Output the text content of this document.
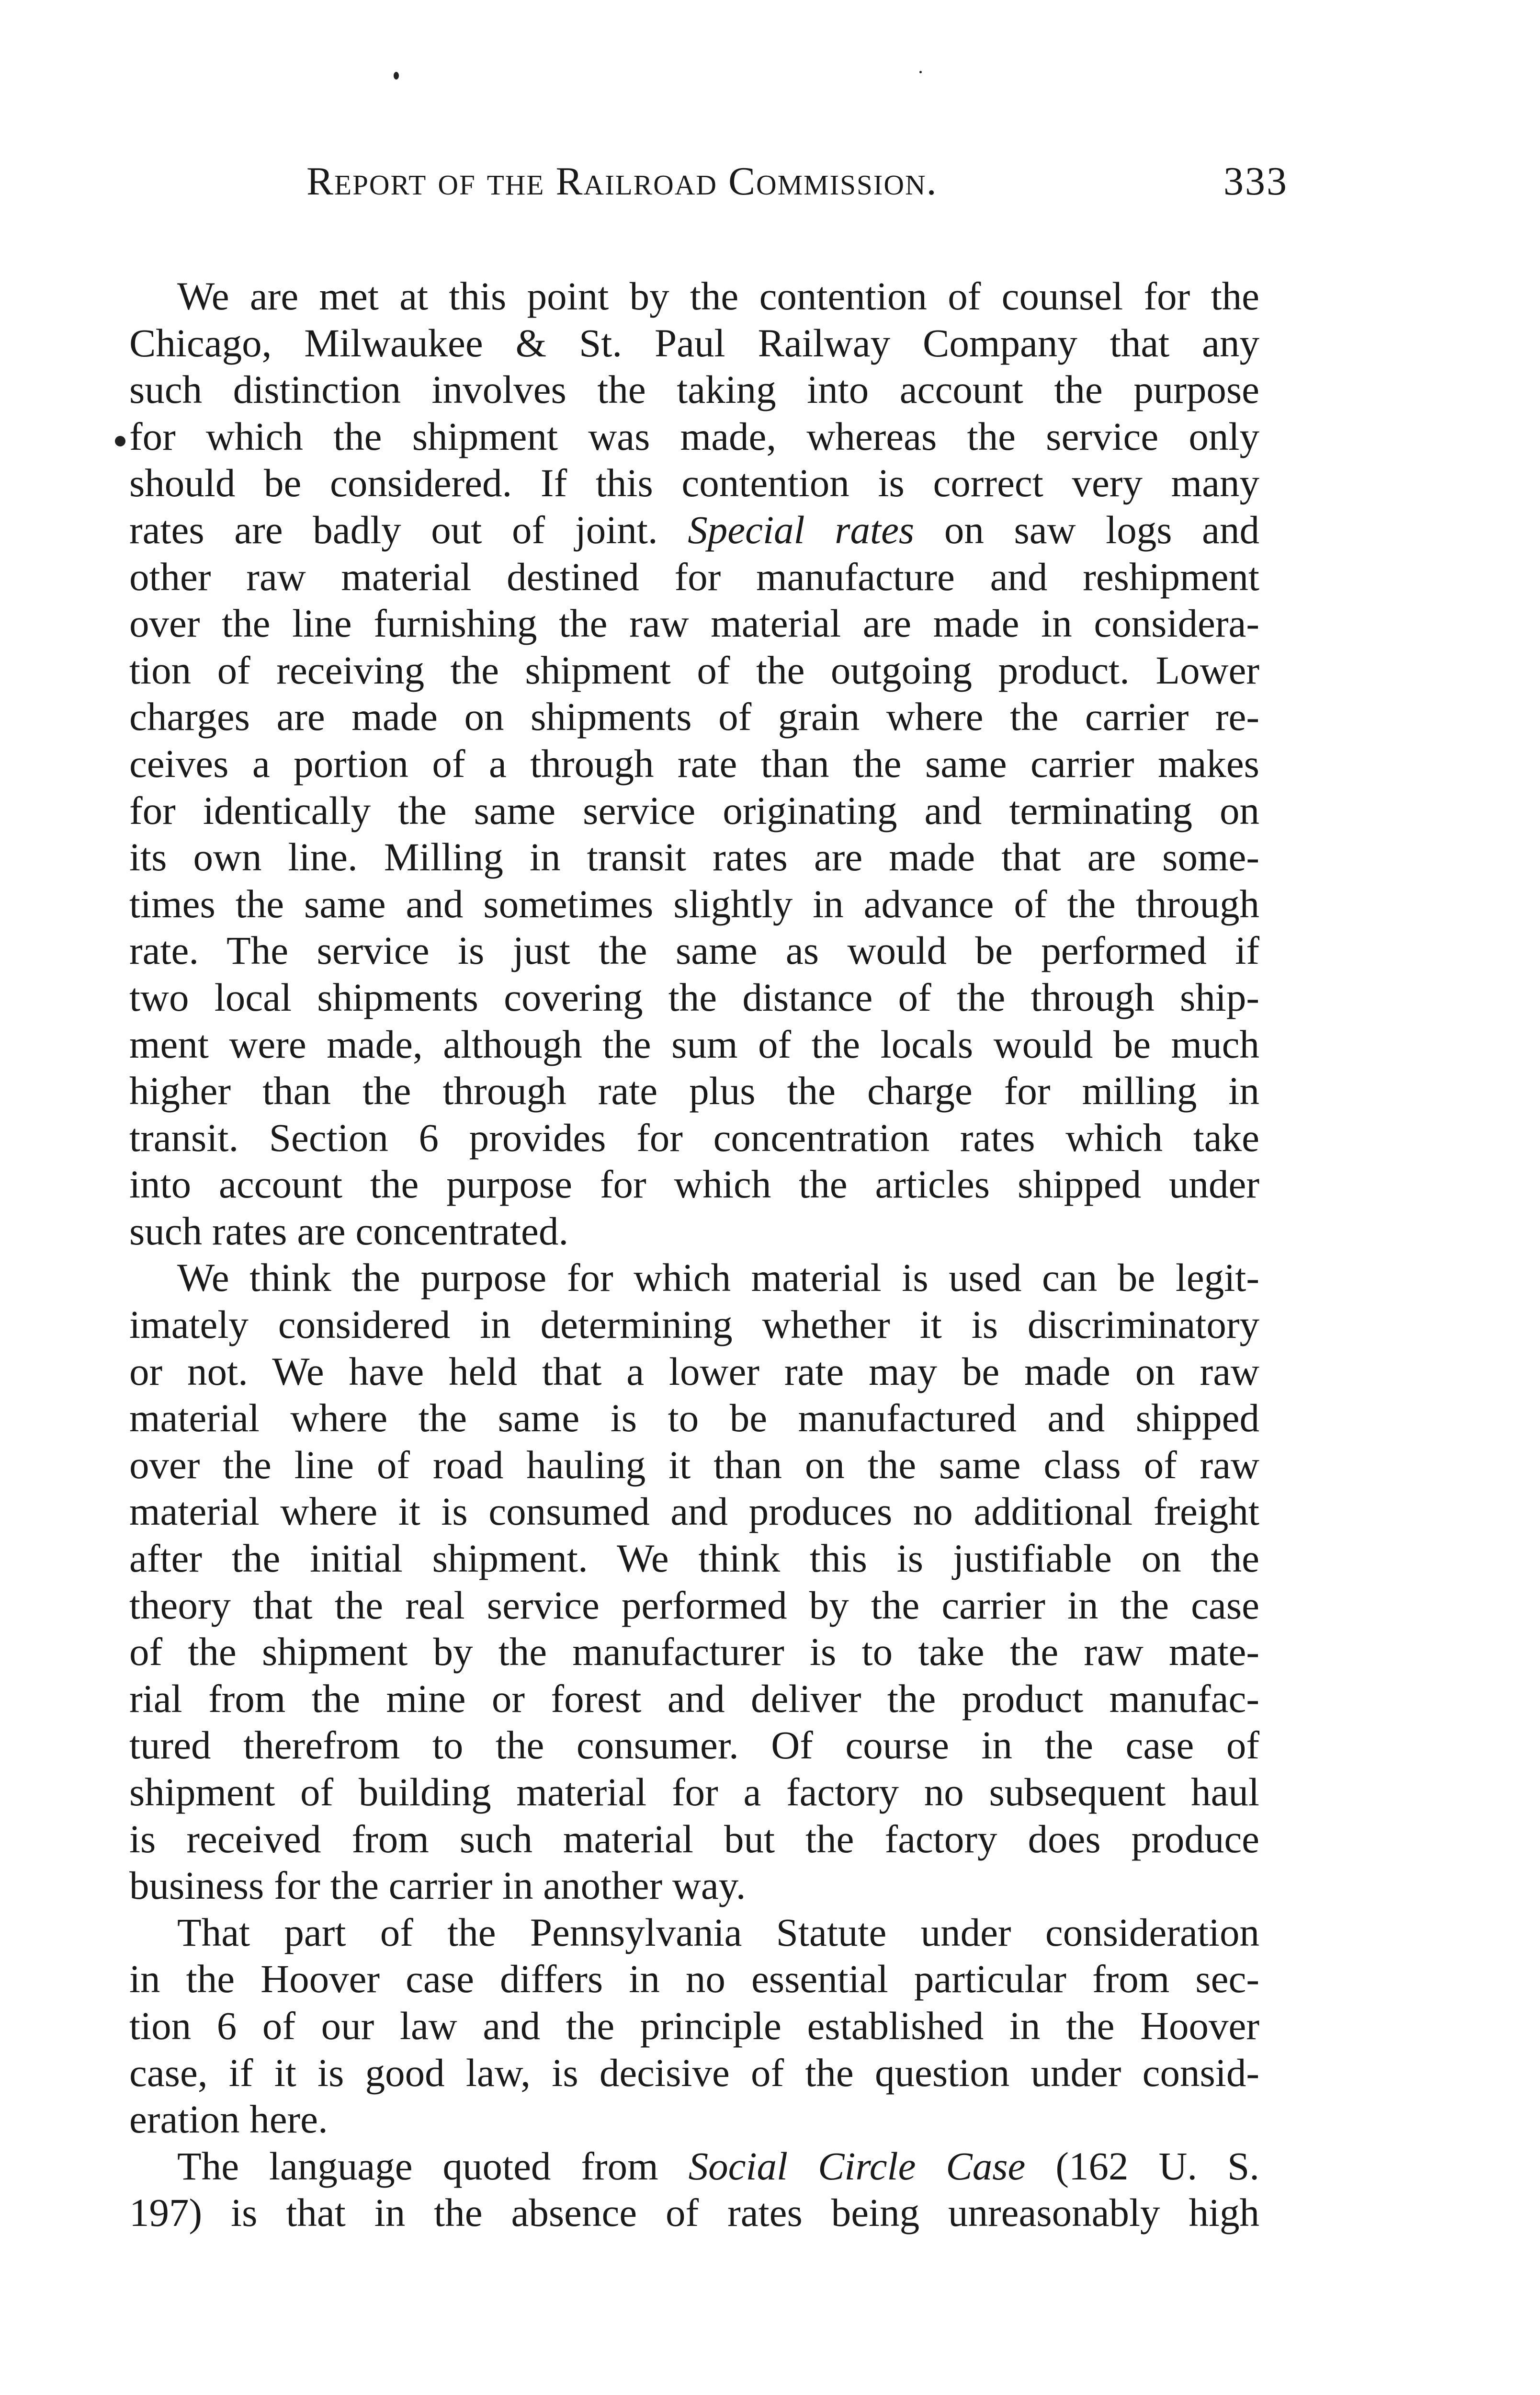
Report of the Railroad Commission.	333
We are met at this point by the contention of counsel for the
Chicago, Milwaukee & St. Paul Railway Company that any
such distinction involves the taking into account the purpose
for which the shipment was made, whereas the service only
should be considered. If this contention is correct very many
rates are badly out of joint. Special rates on saw logs and
other raw material destined for manufacture and reshipment
over the line furnishing the raw material are made in considera-
tion of receiving the shipment of the outgoing product. Lower
charges are made on shipments of grain where the carrier re-
ceives a portion of a through rate than the same carrier makes
for identically the same service originating and terminating on
its own line. Milling in transit rates are made that are some-
times the same and sometimes slightly in advance of the through
rate. The service is just the same as would be performed if
two local shipments covering the distance of the through ship-
ment were made, although the sum of the locals would be much
higher than the through rate plus the charge for milling in
transit. Section 6 provides for concentration rates which take
into account the purpose for which the articles shipped under
such rates are concentrated.
We think the purpose for which material is used can be legit-
imately considered in determining whether it is discriminatory
or not. We have held that a lower rate may be made on raw
material where the same is to be manufactured and shipped
over the line of road hauling it than on the same class of raw
material where it is consumed and produces no additional freight
after the initial shipment. We think this is justifiable on the
theory that the real service performed by the carrier in the case
of the shipment by the manufacturer is to take the raw mate-
rial from the mine or forest and deliver the product manufac-
tured therefrom to the consumer. Of course in the case of
shipment of building material for a factory no subsequent haul
is received from such material but the factory does produce
business for the carrier in another way.
That part of the Pennsylvania Statute under consideration
in the Hoover case differs in no essential particular from sec-
tion 6 of our law and the principle established in the Hoover
case, if it is good law, is decisive of the question under consid-
eration here.
The language quoted from Social Circle Case (162 U. S.
197) is that in the absence of rates being unreasonably high
